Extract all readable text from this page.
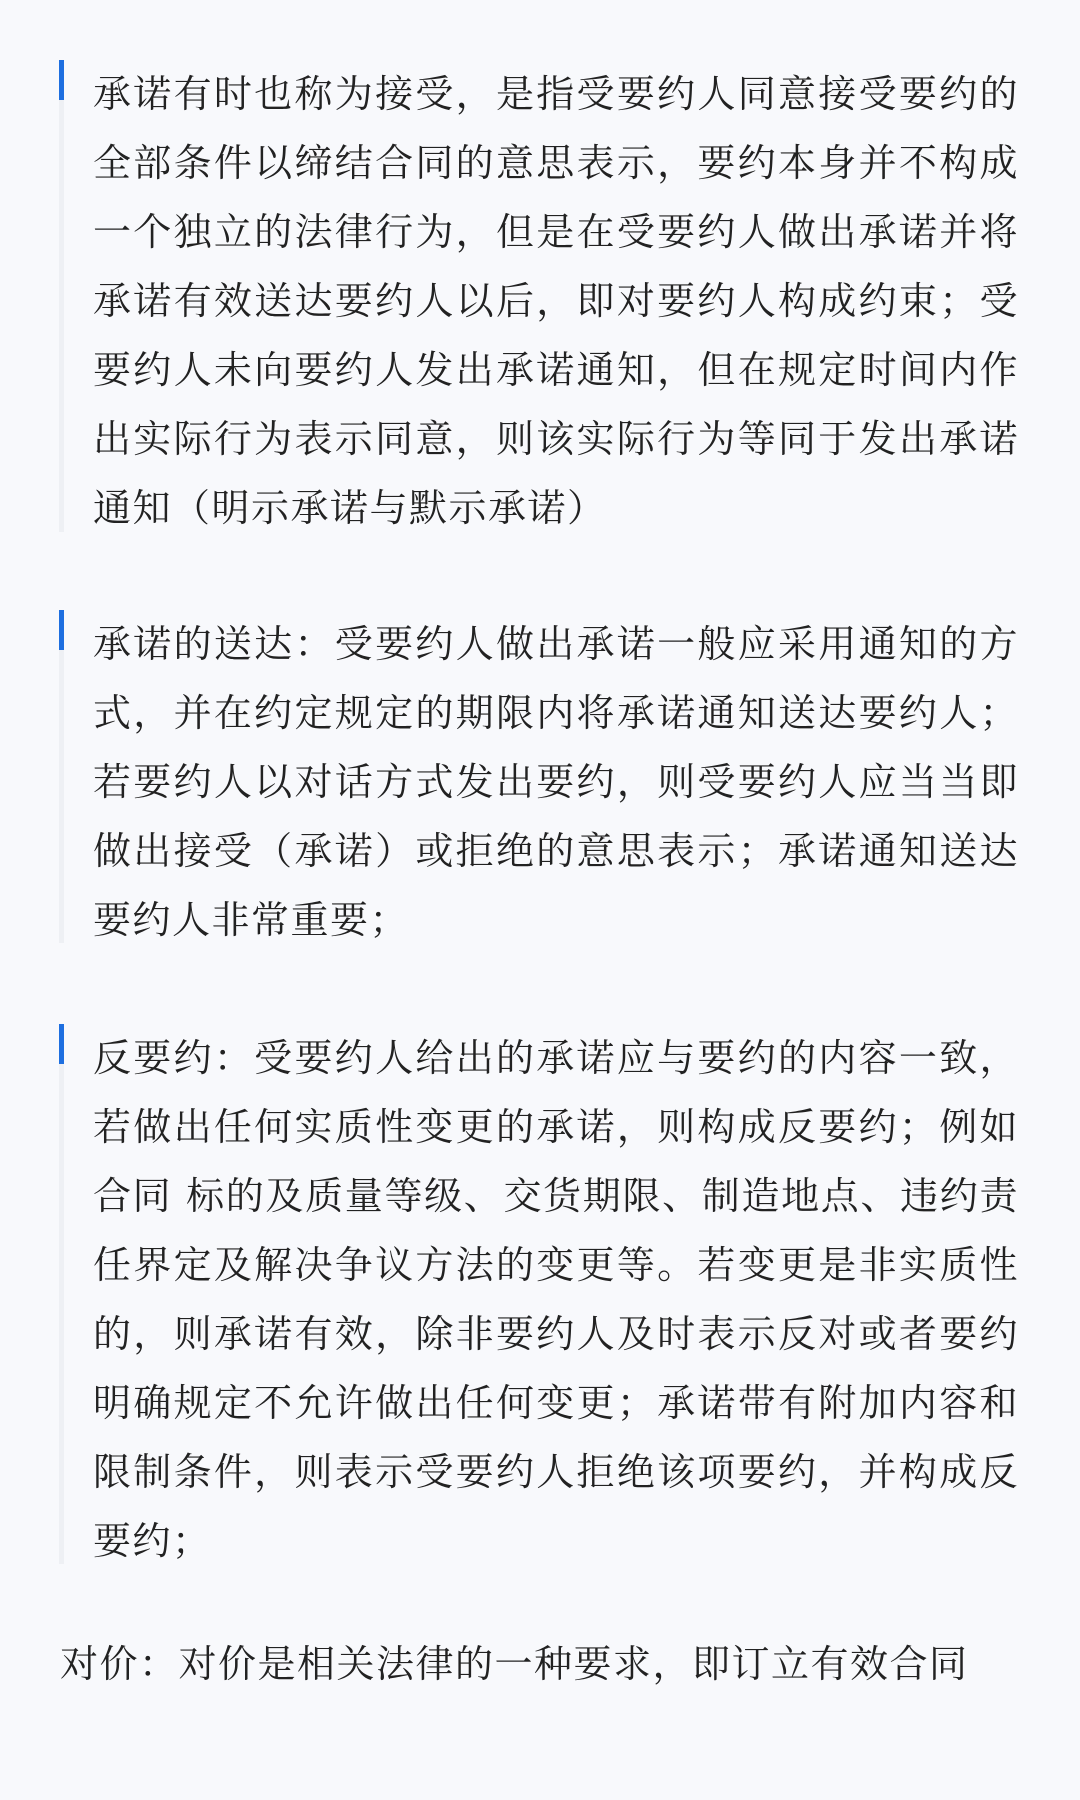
承诺有时也称为接受，是指受要约人同意接受要约的全部条件以缔结合同的意思表示，要约本身并不构成一个独立的法律行为，但是在受要约人做出承诺并将承诺有效送达要约人以后，即对要约人构成约束；受要约人未向要约人发出承诺通知，但在规定时间内作出实际行为表示同意，则该实际行为等同于发出承诺通知（明示承诺与默示承诺）

承诺的送达：受要约人做出承诺一般应采用通知的方式，并在约定规定的期限内将承诺通知送达要约人；若要约人以对话方式发出要约，则受要约人应当当即做出接受（承诺）或拒绝的意思表示；承诺通知送达要约人非常重要；

反要约：受要约人给出的承诺应与要约的内容一致，若做出任何实质性变更的承诺，则构成反要约；例如合同 标的及质量等级、交货期限、制造地点、违约责任界定及解决争议方法的变更等。若变更是非实质性的，则承诺有效，除非要约人及时表示反对或者要约明确规定不允许做出任何变更；承诺带有附加内容和限制条件，则表示受要约人拒绝该项要约，并构成反要约；

对价：对价是相关法律的一种要求，即订立有效合同
